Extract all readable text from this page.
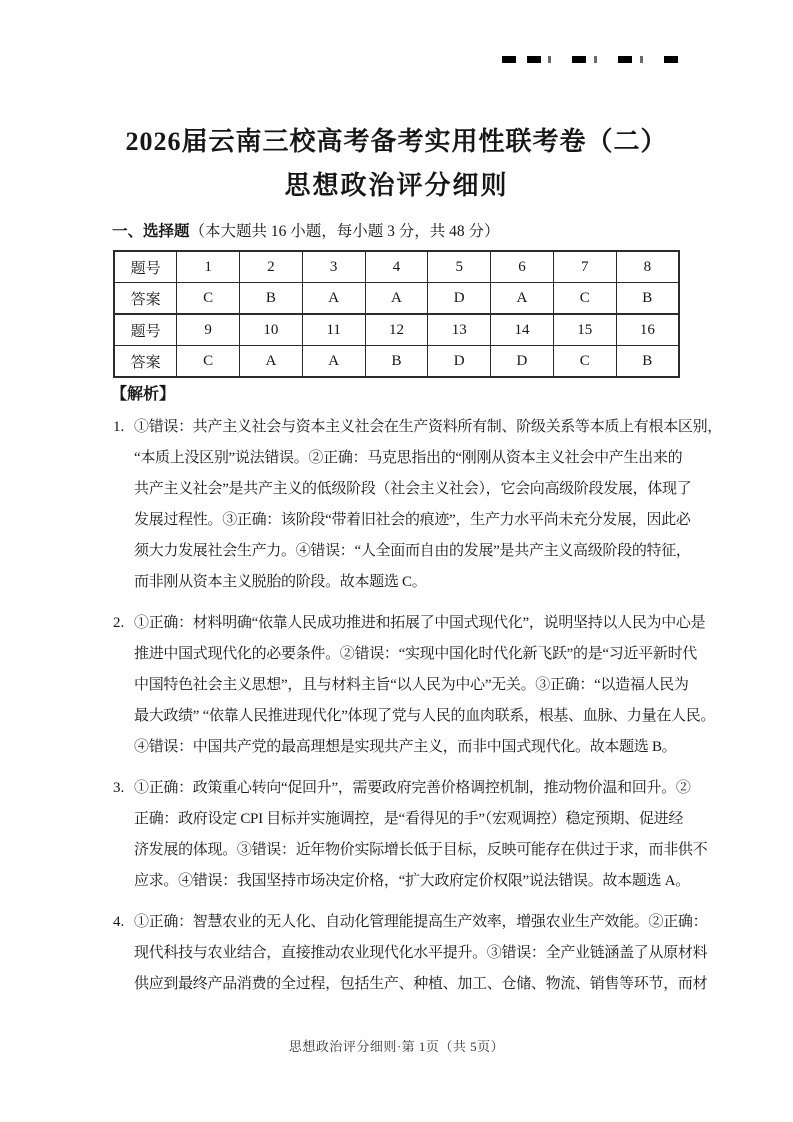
2026届云南三校高考备考实用性联考卷（二）
思想政治评分细则
一、选择题（本大题共 16 小题，每小题 3 分，共 48 分）
题号	1	2	3	4	5	6	7	8
答案	C	B	A	A	D	A	C	B
题号	9	10	11	12	13	14	15	16
答案	C	A	A	B	D	D	C	B
【解析】
1. ①错误：共产主义社会与资本主义社会在生产资料所有制、阶级关系等本质上有根本区别，
“本质上没区别”说法错误。②正确：马克思指出的“刚刚从资本主义社会中产生出来的
共产主义社会”是共产主义的低级阶段（社会主义社会），它会向高级阶段发展，体现了
发展过程性。③正确：该阶段“带着旧社会的痕迹”，生产力水平尚未充分发展，因此必
须大力发展社会生产力。④错误：“人全面而自由的发展”是共产主义高级阶段的特征，
而非刚从资本主义脱胎的阶段。故本题选 C。
2. ①正确：材料明确“依靠人民成功推进和拓展了中国式现代化”，说明坚持以人民为中心是
推进中国式现代化的必要条件。②错误：“实现中国化时代化新飞跃”的是“习近平新时代
中国特色社会主义思想”，且与材料主旨“以人民为中心”无关。③正确：“以造福人民为
最大政绩” “依靠人民推进现代化”体现了党与人民的血肉联系，根基、血脉、力量在人民。
④错误：中国共产党的最高理想是实现共产主义，而非中国式现代化。故本题选 B。
3. ①正确：政策重心转向“促回升”，需要政府完善价格调控机制，推动物价温和回升。②
正确：政府设定 CPI 目标并实施调控，是“看得见的手”（宏观调控）稳定预期、促进经
济发展的体现。③错误：近年物价实际增长低于目标，反映可能存在供过于求，而非供不
应求。④错误：我国坚持市场决定价格，“扩大政府定价权限”说法错误。故本题选 A。
4. ①正确：智慧农业的无人化、自动化管理能提高生产效率，增强农业生产效能。②正确：
现代科技与农业结合，直接推动农业现代化水平提升。③错误：全产业链涵盖了从原材料
供应到最终产品消费的全过程，包括生产、种植、加工、仓储、物流、销售等环节，而材
思想政治评分细则·第 1页（共 5页）
